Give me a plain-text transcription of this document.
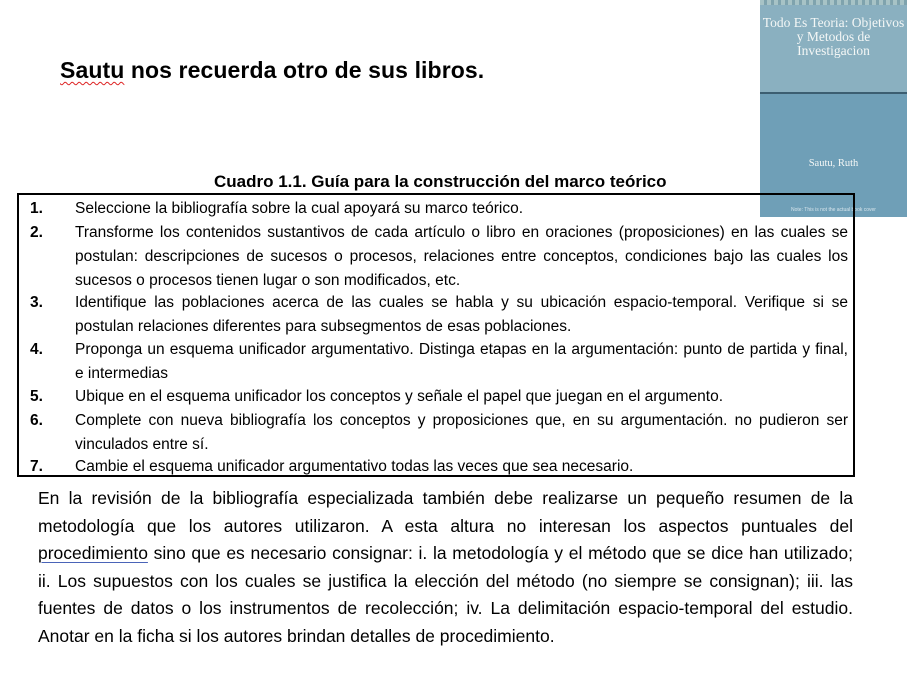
Sautu nos recuerda otro de sus libros.
Todo Es Teoria: Objetivos y Metodos de Investigacion
Sautu, Ruth
Note: This is not the actual book cover
Cuadro 1.1. Guía para la construcción del marco teórico
1. Seleccione la bibliografía sobre la cual apoyará su marco teórico.
2. Transforme los contenidos sustantivos de cada artículo o libro en oraciones (proposiciones) en las cuales se postulan: descripciones de sucesos o procesos, relaciones entre conceptos, condiciones bajo las cuales los sucesos o procesos tienen lugar o son modificados, etc.
3. Identifique las poblaciones acerca de las cuales se habla y su ubicación espacio-temporal. Verifique si se postulan relaciones diferentes para subsegmentos de esas poblaciones.
4. Proponga un esquema unificador argumentativo. Distinga etapas en la argumentación: punto de partida y final, e intermedias
5. Ubique en el esquema unificador los conceptos y señale el papel que juegan en el argumento.
6. Complete con nueva bibliografía los conceptos y proposiciones que, en su argumentación. no pudieron ser vinculados entre sí.
7. Cambie el esquema unificador argumentativo todas las veces que sea necesario.
En la revisión de la bibliografía especializada también debe realizarse un pequeño resumen de la metodología que los autores utilizaron. A esta altura no interesan los aspectos puntuales del procedimiento sino que es necesario consignar: i. la metodología y el método que se dice han utilizado; ii. Los supuestos con los cuales se justifica la elección del método (no siempre se consignan); iii. las fuentes de datos o los instrumentos de recolección; iv. La delimitación espacio-temporal del estudio. Anotar en la ficha si los autores brindan detalles de procedimiento.
